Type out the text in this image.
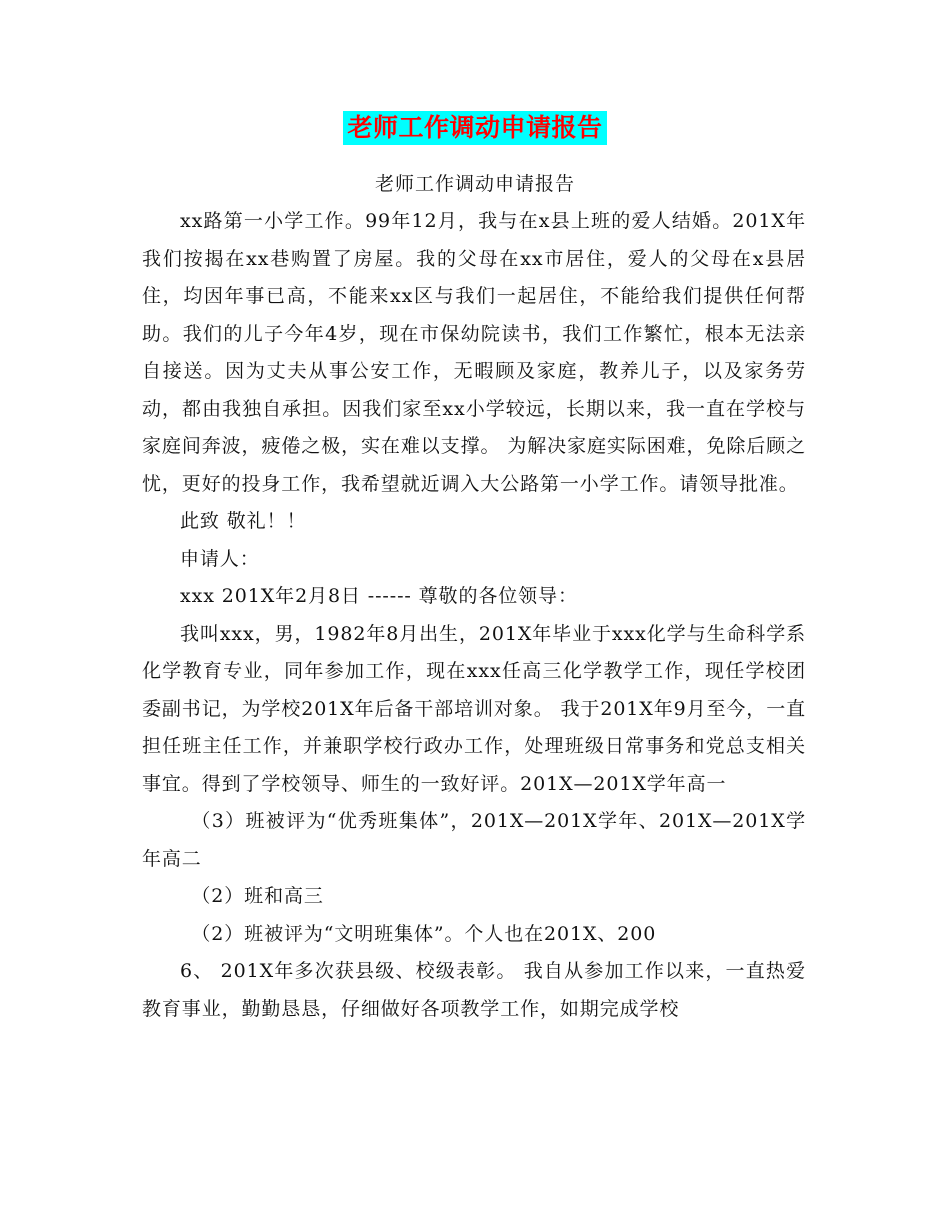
老师工作调动申请报告
老师工作调动申请报告

xx路第一小学工作。99年12月，我与在x县上班的爱人结婚。201X年我们按揭在xx巷购置了房屋。我的父母在xx市居住，爱人的父母在x县居住，均因年事已高，不能来xx区与我们一起居住，不能给我们提供任何帮助。我们的儿子今年4岁，现在市保幼院读书，我们工作繁忙，根本无法亲自接送。因为丈夫从事公安工作，无暇顾及家庭，教养儿子，以及家务劳动，都由我独自承担。因我们家至xx小学较远，长期以来，我一直在学校与家庭间奔波，疲倦之极，实在难以支撑。 为解决家庭实际困难，免除后顾之忧，更好的投身工作，我希望就近调入大公路第一小学工作。请领导批准。

此致 敬礼！！

申请人：

xxx 201X年2月8日 ------ 尊敬的各位领导：

我叫xxx，男，1982年8月出生，201X年毕业于xxx化学与生命科学系化学教育专业，同年参加工作，现在xxx任高三化学教学工作，现任学校团委副书记，为学校201X年后备干部培训对象。 我于201X年9月至今，一直担任班主任工作，并兼职学校行政办工作，处理班级日常事务和党总支相关事宜。得到了学校领导、师生的一致好评。201X—201X学年高一

（3）班被评为“优秀班集体”，201X—201X学年、201X—201X学年高二

（2）班和高三

（2）班被评为“文明班集体”。个人也在201X、200

6、 201X年多次获县级、校级表彰。 我自从参加工作以来，一直热爱教育事业，勤勤恳恳，仔细做好各项教学工作，如期完成学校
